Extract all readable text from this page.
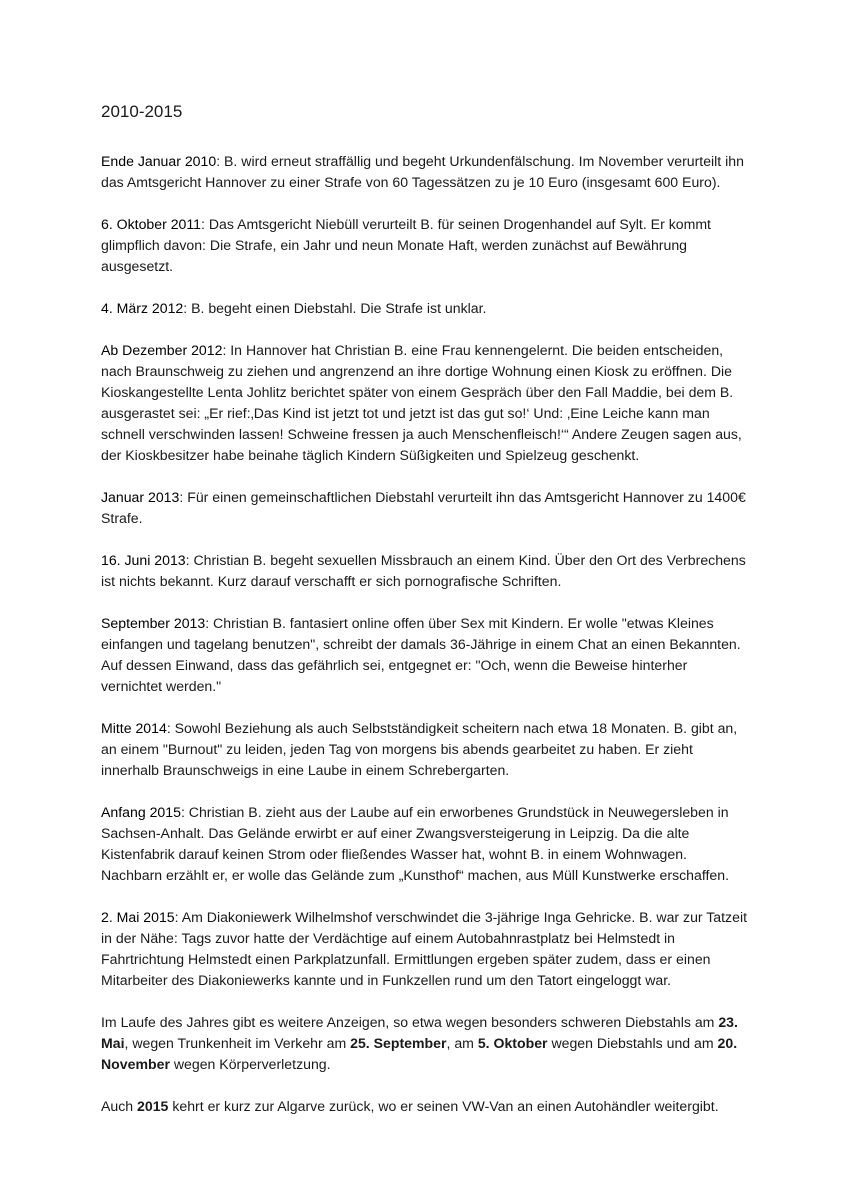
2010-2015

Ende Januar 2010: B. wird erneut straffällig und begeht Urkundenfälschung. Im November verurteilt ihn das Amtsgericht Hannover zu einer Strafe von 60 Tagessätzen zu je 10 Euro (insgesamt 600 Euro).

6. Oktober 2011: Das Amtsgericht Niebüll verurteilt B. für seinen Drogenhandel auf Sylt. Er kommt glimpflich davon: Die Strafe, ein Jahr und neun Monate Haft, werden zunächst auf Bewährung ausgesetzt.

4. März 2012: B. begeht einen Diebstahl. Die Strafe ist unklar.

Ab Dezember 2012: In Hannover hat Christian B. eine Frau kennengelernt. Die beiden entscheiden, nach Braunschweig zu ziehen und angrenzend an ihre dortige Wohnung einen Kiosk zu eröffnen. Die Kioskangestellte Lenta Johlitz berichtet später von einem Gespräch über den Fall Maddie, bei dem B. ausgerastet sei: „Er rief:‚Das Kind ist jetzt tot und jetzt ist das gut so!‘ Und: ‚Eine Leiche kann man schnell verschwinden lassen! Schweine fressen ja auch Menschenfleisch!‘“ Andere Zeugen sagen aus, der Kioskbesitzer habe beinahe täglich Kindern Süßigkeiten und Spielzeug geschenkt.

Januar 2013: Für einen gemeinschaftlichen Diebstahl verurteilt ihn das Amtsgericht Hannover zu 1400€ Strafe.

16. Juni 2013: Christian B. begeht sexuellen Missbrauch an einem Kind. Über den Ort des Verbrechens ist nichts bekannt. Kurz darauf verschafft er sich pornografische Schriften.

September 2013: Christian B. fantasiert online offen über Sex mit Kindern. Er wolle "etwas Kleines einfangen und tagelang benutzen", schreibt der damals 36-Jährige in einem Chat an einen Bekannten. Auf dessen Einwand, dass das gefährlich sei, entgegnet er: "Och, wenn die Beweise hinterher vernichtet werden."

Mitte 2014: Sowohl Beziehung als auch Selbstständigkeit scheitern nach etwa 18 Monaten. B. gibt an, an einem "Burnout" zu leiden, jeden Tag von morgens bis abends gearbeitet zu haben. Er zieht innerhalb Braunschweigs in eine Laube in einem Schrebergarten.

Anfang 2015: Christian B. zieht aus der Laube auf ein erworbenes Grundstück in Neuwegersleben in Sachsen-Anhalt. Das Gelände erwirbt er auf einer Zwangsversteigerung in Leipzig. Da die alte Kistenfabrik darauf keinen Strom oder fließendes Wasser hat, wohnt B. in einem Wohnwagen. Nachbarn erzählt er, er wolle das Gelände zum „Kunsthof“ machen, aus Müll Kunstwerke erschaffen.

2. Mai 2015: Am Diakoniewerk Wilhelmshof verschwindet die 3-jährige Inga Gehricke. B. war zur Tatzeit in der Nähe: Tags zuvor hatte der Verdächtige auf einem Autobahnrastplatz bei Helmstedt in Fahrtrichtung Helmstedt einen Parkplatzunfall. Ermittlungen ergeben später zudem, dass er einen Mitarbeiter des Diakoniewerks kannte und in Funkzellen rund um den Tatort eingeloggt war.

Im Laufe des Jahres gibt es weitere Anzeigen, so etwa wegen besonders schweren Diebstahls am 23. Mai, wegen Trunkenheit im Verkehr am 25. September, am 5. Oktober wegen Diebstahls und am 20. November wegen Körperverletzung.

Auch 2015 kehrt er kurz zur Algarve zurück, wo er seinen VW-Van an einen Autohändler weitergibt.
